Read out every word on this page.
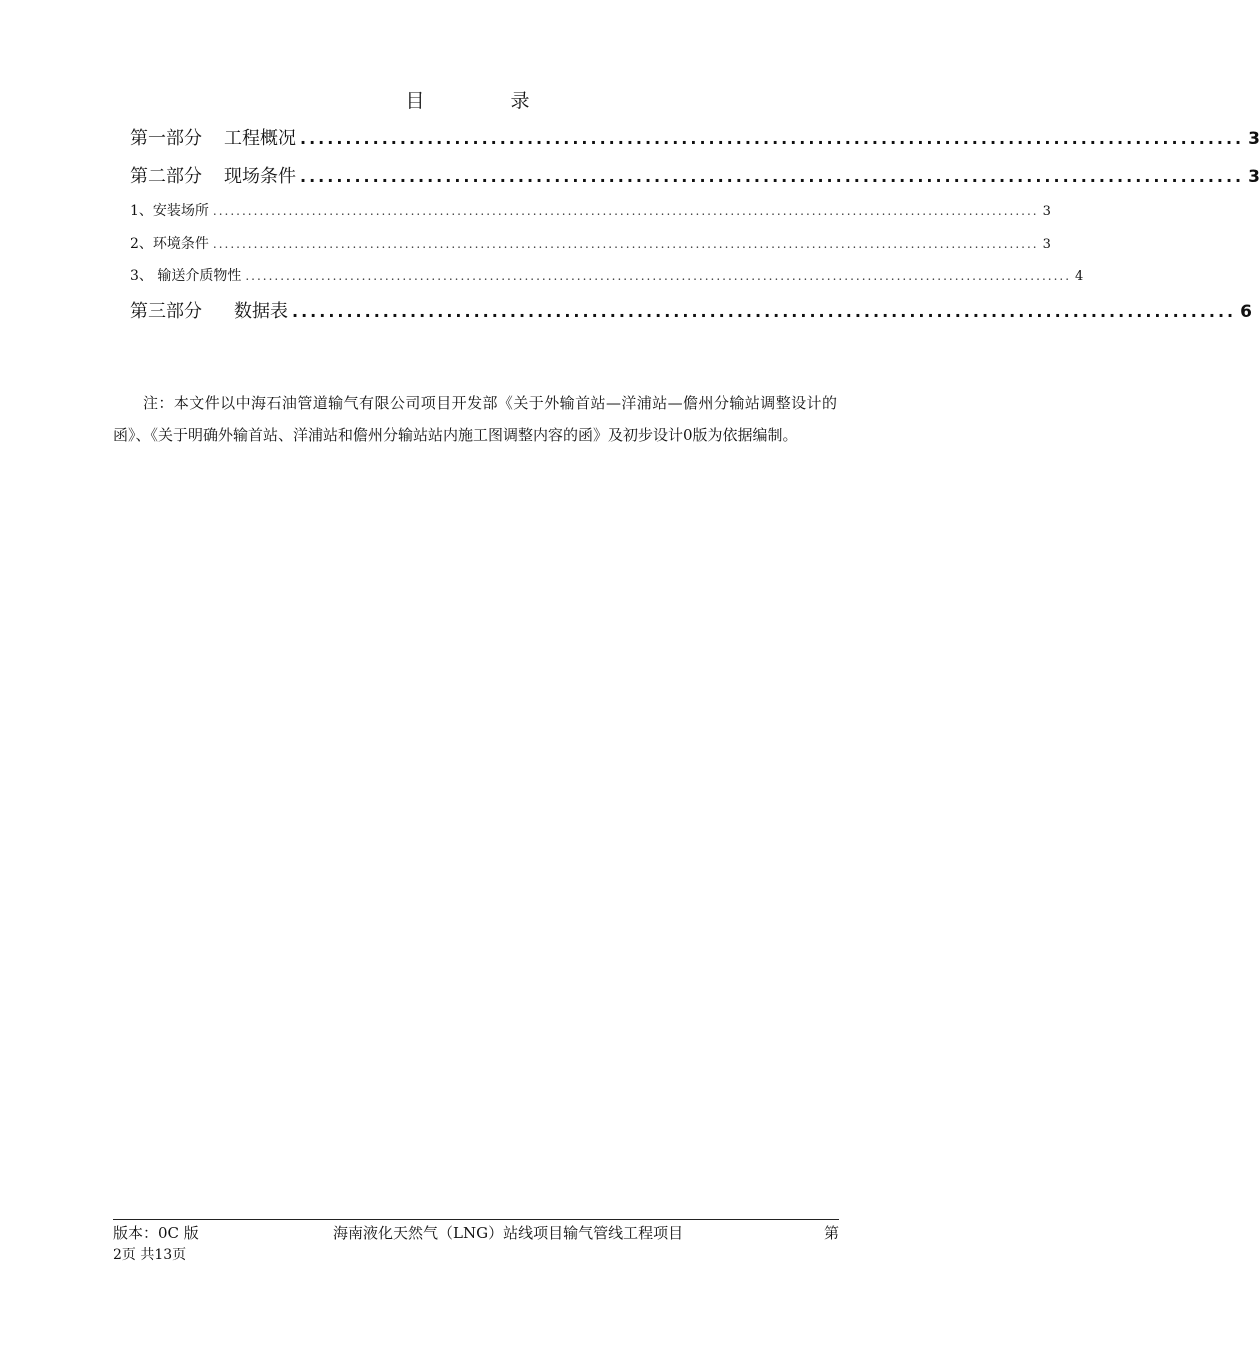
目 录
第一部分 工程概况 ........................................................................................................ 3
第二部分 现场条件 ........................................................................................................ 3
1、安装场所 .............................................................................................................................................. 3
2、环境条件 .............................................................................................................................................. 3
3、 输送介质物性 .............................................................................................................................................. 4
第三部分 数据表 ........................................................................................................ 6

注：本文件以中海石油管道输气有限公司项目开发部《关于外输首站—洋浦站—儋州分输站调整设计的函》、《关于明确外输首站、洋浦站和儋州分输站站内施工图调整内容的函》及初步设计0版为依据编制。

版本：0C 版	海南液化天然气（LNG）站线项目输气管线工程项目	第
2页 共13页
